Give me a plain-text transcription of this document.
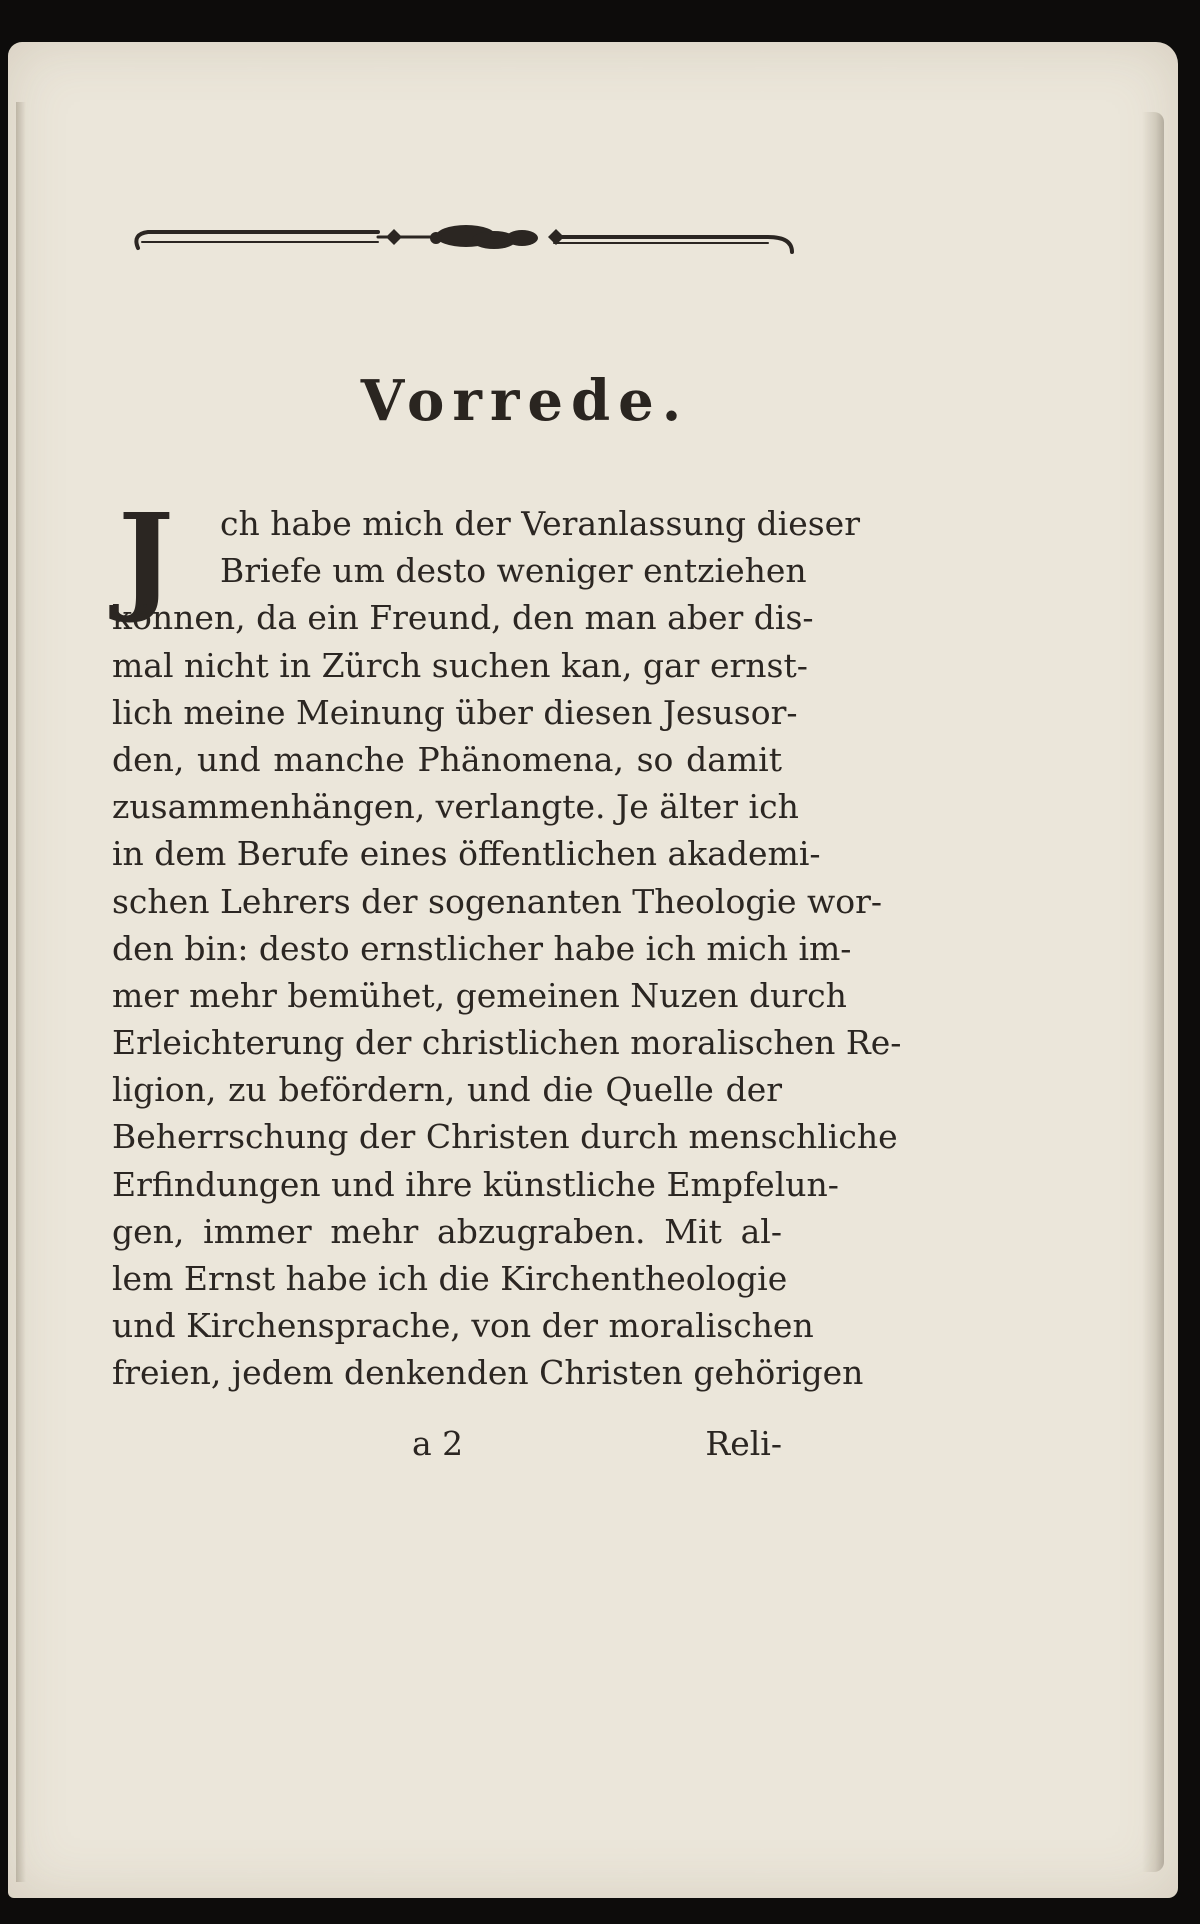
Vorrede.
J	ch habe mich der Veranlassung dieser
Briefe um desto weniger entziehen
können, da ein Freund, den man aber dis-
mal nicht in Zürch suchen kan, gar ernst-
lich meine Meinung über diesen Jesusor-
den, und manche Phänomena, so damit
zusammenhängen, verlangte. Je älter ich
in dem Berufe eines öffentlichen akademi-
schen Lehrers der sogenanten Theologie wor-
den bin: desto ernstlicher habe ich mich im-
mer mehr bemühet, gemeinen Nuzen durch
Erleichterung der christlichen moralischen Re-
ligion, zu befördern, und die Quelle der
Beherrschung der Christen durch menschliche
Erfindungen und ihre künstliche Empfelun-
gen, immer mehr abzugraben. Mit al-
lem Ernst habe ich die Kirchentheologie
und Kirchensprache, von der moralischen
freien, jedem denkenden Christen gehörigen
a 2	Reli-
